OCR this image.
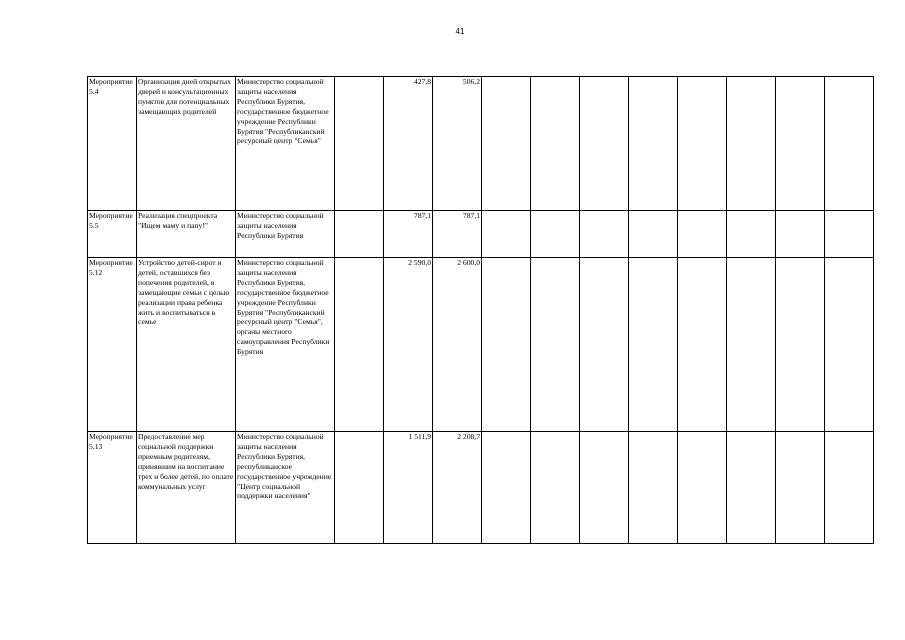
41
Мероприятие 5.4	Организация дней открытых дверей и консультационных пунктов для потенциальных замещающих родителей	Министерство социальной защиты населения Республики Бурятия, государственное бюджетное учреждение Республики Бурятия "Республиканский ресурсный центр "Семья"		427,8	506,2								
Мероприятие 5.5	Реализация спецпроекта "Ищем маму и папу!"	Министерство социальной защиты населения Республики Бурятия		787,1	787,1								
Мероприятие 5.12	Устройство детей-сирот и детей, оставшихся без попечения родителей, в замещающие семьи с целью реализации права ребенка жить и воспитываться в семье	Министерство социальной защиты населения Республики Бурятия, государственное бюджетное учреждение Республики Бурятия "Республиканский ресурсный центр "Семья", органы местного самоуправления Республики Бурятия		2 590,0	2 600,0								
Мероприятие 5.13	Предоставление мер социальной поддержки приемным родителям, принявшим на воспитание трех и более детей, по оплате коммунальных услуг	Министерство социальной защиты населения Республики Бурятия, республиканское государственное учреждение "Центр социальной поддержки населения"		1 511,9	2 208,7								
